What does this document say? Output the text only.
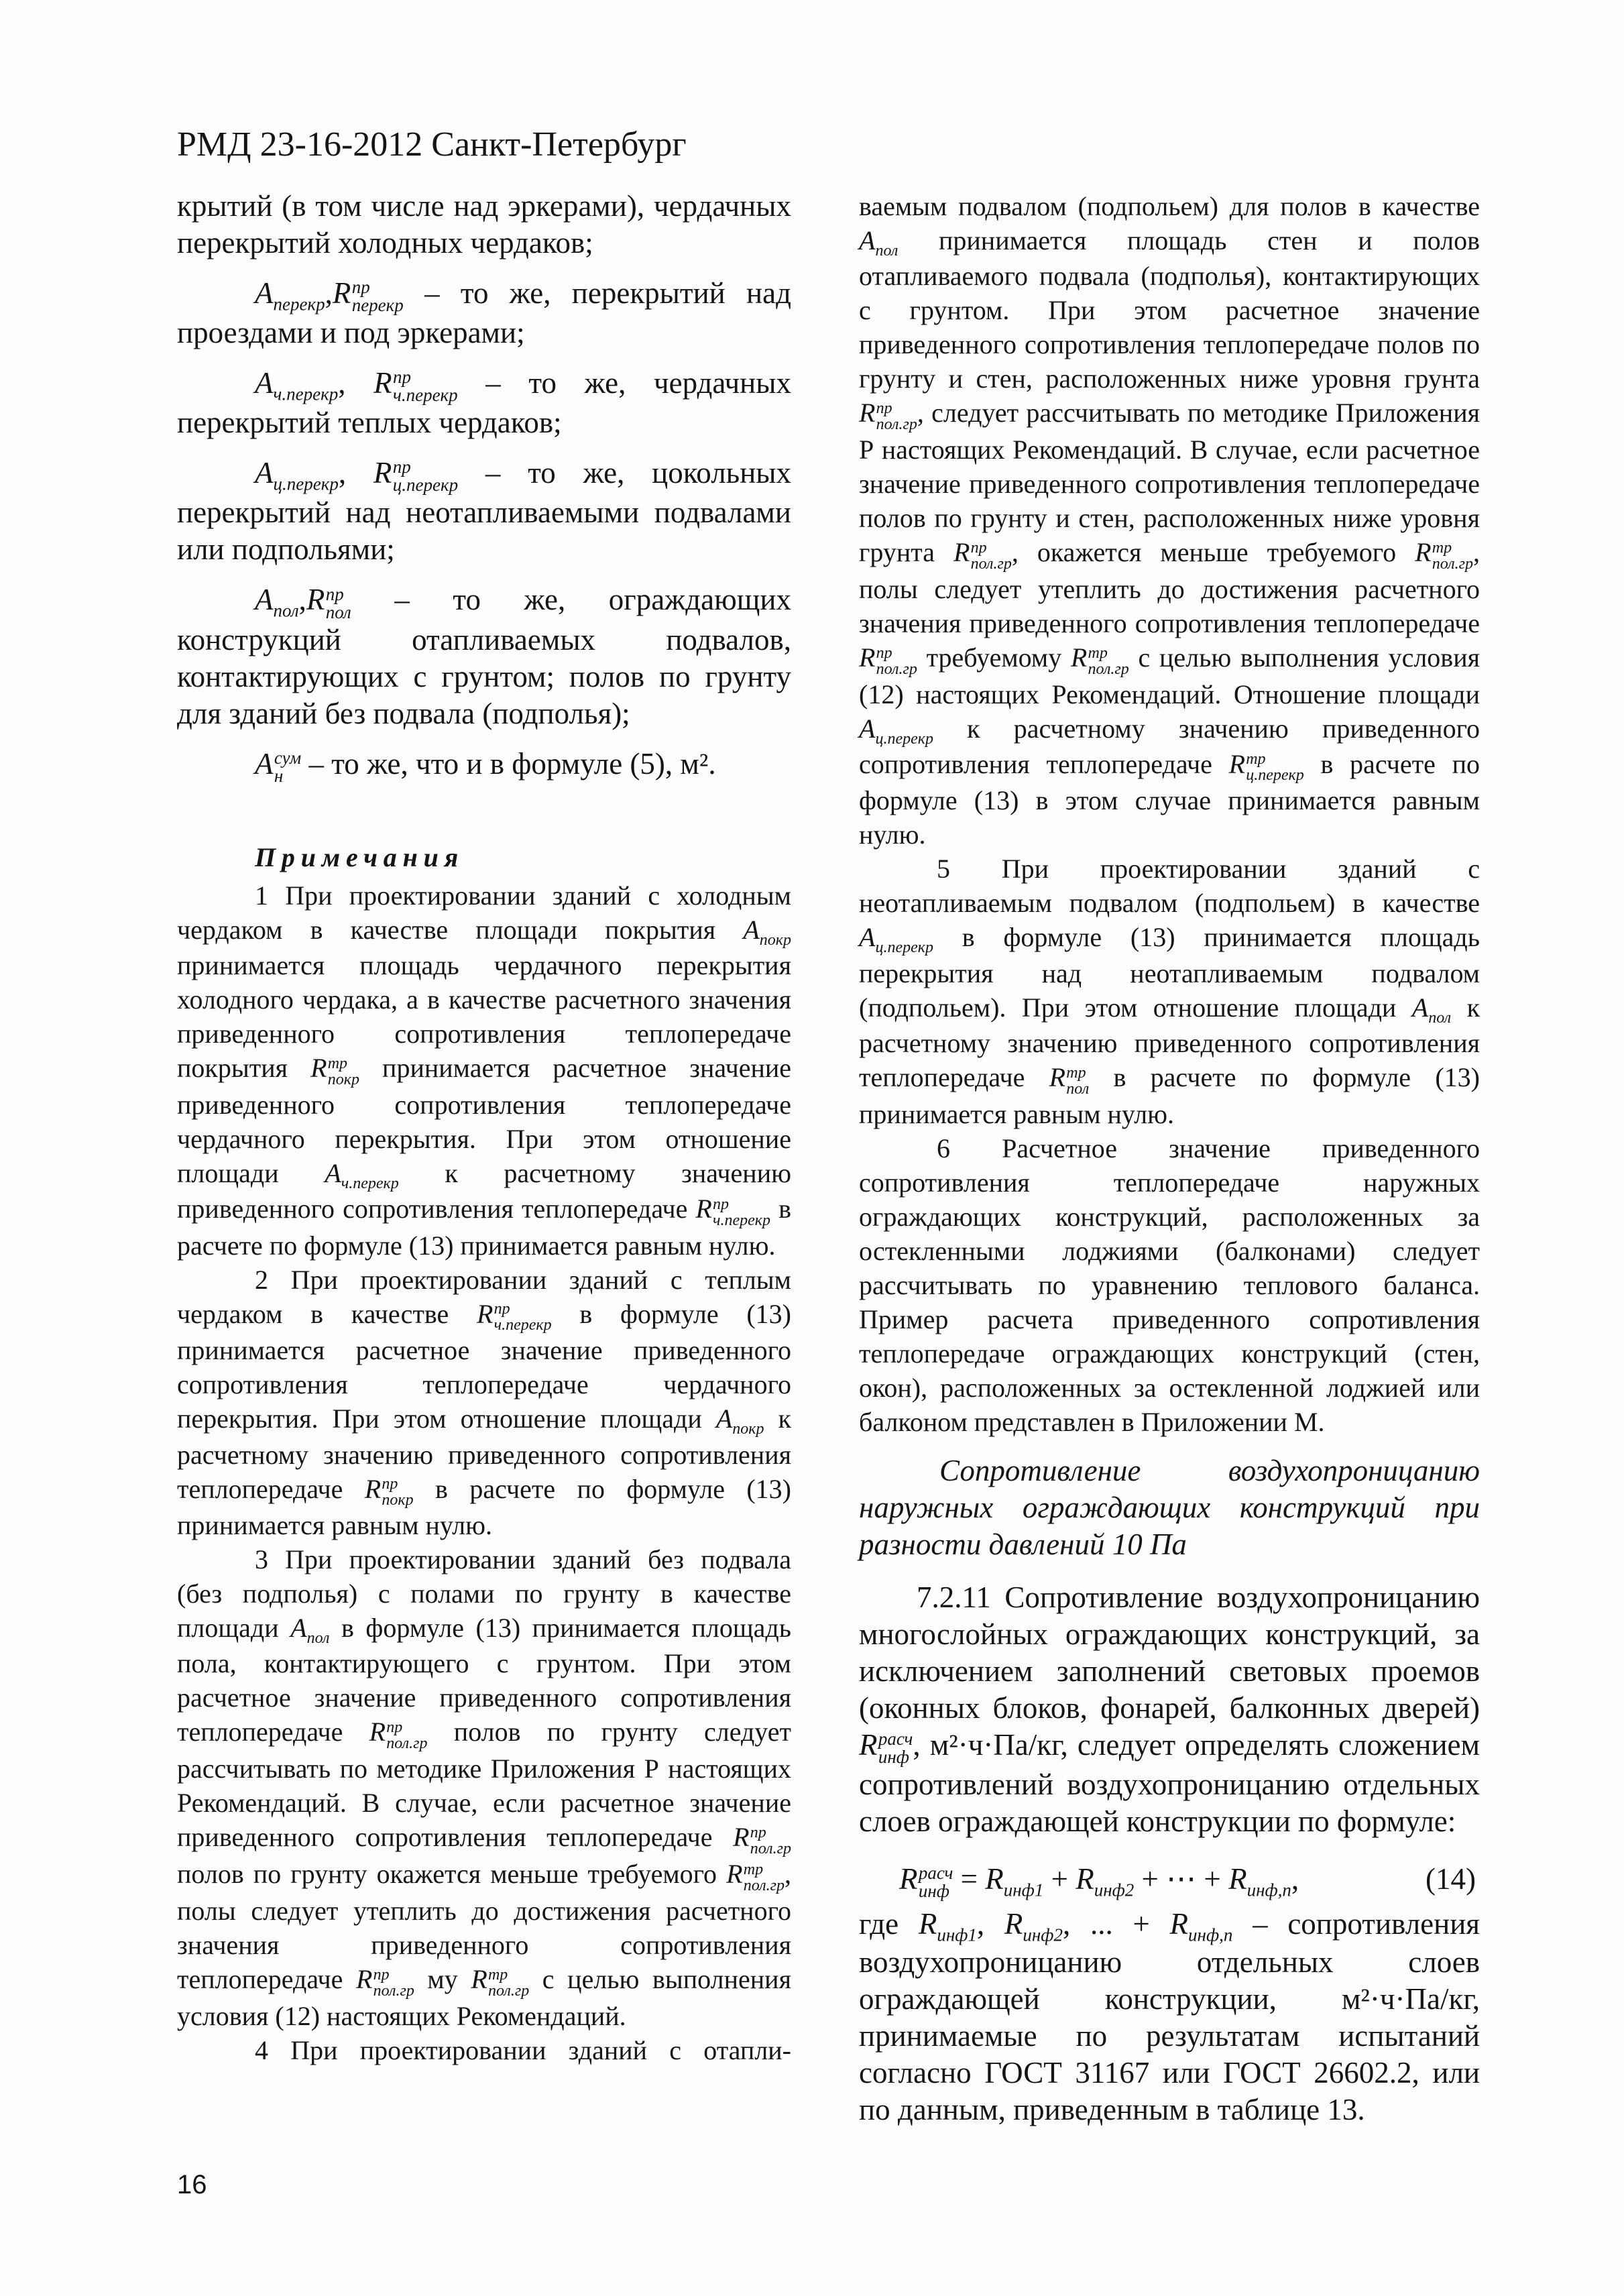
РМД 23-16-2012 Санкт-Петербург

крытий (в том числе над эркерами), чердачных перекрытий холодных чердаков;

$A_{перекр},R$ пр
перекр – то же, перекрытий над проездами и под эркерами;

$A_{ч.перекр}$, R пр
ч.перекр – то же, чердачных перекрытий теплых чердаков;

$A_{ц.перекр}$, R пр
ц.перекр – то же, цокольных перекрытий над неотапливаемыми подвалами или подпольями;

$A_{пол},R$ пр
пол – то же, ограждающих конструкций отапливаемых подвалов, контактирующих с грунтом; полов по грунту для зданий без подвала (подполья);

A сум
н – то же, что и в формуле (5), м².

Примечания

1 При проектировании зданий с холодным чердаком в качестве площади покрытия $A_{покр}$ принимается площадь чердачного перекрытия холодного чердака, а в качестве расчетного значения приведенного сопротивления теплопередаче покрытия R тр
покр принимается расчетное значение приведенного сопротивления теплопередаче чердачного перекрытия. При этом отношение площади $A_{ч.перекр}$ к расчетному значению приведенного сопротивления теплопередаче R пр
ч.перекр в расчете по формуле (13) принимается равным нулю.

2 При проектировании зданий с теплым чердаком в качестве R пр
ч.перекр в формуле (13) принимается расчетное значение приведенного сопротивления теплопередаче чердачного перекрытия. При этом отношение площади $A_{покр}$ к расчетному значению приведенного сопротивления теплопередаче R пр
покр в расчете по формуле (13) принимается равным нулю.

3 При проектировании зданий без подвала (без подполья) с полами по грунту в качестве площади $A_{пол}$ в формуле (13) принимается площадь пола, контактирующего с грунтом. При этом расчетное значение приведенного сопротивления теплопередаче R пр
пол.гр полов по грунту следует рассчитывать по методике Приложения Р настоящих Рекомендаций. В случае, если расчетное значение приведенного сопротивления теплопередаче R пр
пол.гр
полов по грунту окажется меньше требуемого R тр
пол.гр , полы следует утеплить до достижения расчетного значения приведенного сопротивления теплопередаче R пр
пол.гр му R тр
пол.гр с целью выполнения условия (12) настоящих Рекомендаций.

4 При проектировании зданий с отапли-

ваемым подвалом (подпольем) для полов в качестве $A_{пол}$ принимается площадь стен и полов отапливаемого подвала (подполья), контактирующих с грунтом. При этом расчетное значение приведенного сопротивления теплопередаче полов по грунту и стен, расположенных ниже уровня грунта R пр
пол.гр , следует рассчитывать по методике Приложения Р настоящих Рекомендаций. В случае, если расчетное значение приведенного сопротивления теплопередаче полов по грунту и стен, расположенных ниже уровня грунта R пр
пол.гр , окажется меньше требуемого R тр
пол.гр , полы следует утеплить до достижения расчетного значения приведенного сопротивления теплопередаче R пр
пол.гр требуемому R тр
пол.гр с целью выполнения условия (12) настоящих Рекомендаций. Отношение площади $A_{ц.перекр}$ к расчетному значению приведенного сопротивления теплопередаче R тр
ц.перекр в расчете по формуле (13) в этом случае принимается равным нулю.

5 При проектировании зданий с неотапливаемым подвалом (подпольем) в качестве $A_{ц.перекр}$ в формуле (13) принимается площадь перекрытия над неотапливаемым подвалом (подпольем). При этом отношение площади $A_{пол}$ к расчетному значению приведенного сопротивления теплопередаче R тр
пол в расчете по формуле (13) принимается равным нулю.

6 Расчетное значение приведенного сопротивления теплопередаче наружных ограждающих конструкций, расположенных за остекленными лоджиями (балконами) следует рассчитывать по уравнению теплового баланса. Пример расчета приведенного сопротивления теплопередаче ограждающих конструкций (стен, окон), расположенных за остекленной лоджией или балконом представлен в Приложении М.

Сопротивление воздухопроницанию наружных ограждающих конструкций при разности давлений 10 Па

7.2.11 Сопротивление воздухопроницанию многослойных ограждающих конструкций, за исключением заполнений световых проемов (оконных блоков, фонарей, балконных дверей) R расч
инф , м²·ч·Па/кг, следует определять сложением сопротивлений воздухопроницанию отдельных слоев ограждающей конструкции по формуле:

R расч
инф = $R_{инф1} + R_{инф2}$ + ⋯ + $R_{инф,n}$,	(14)

где $R_{инф1}$, $R_{инф2}$, ... + $R_{инф,n}$ – сопротивления воздухопроницанию отдельных слоев ограждающей конструкции, м²·ч·Па/кг, принимаемые по результатам испытаний согласно ГОСТ 31167 или ГОСТ 26602.2, или по данным, приведенным в таблице 13.

16
